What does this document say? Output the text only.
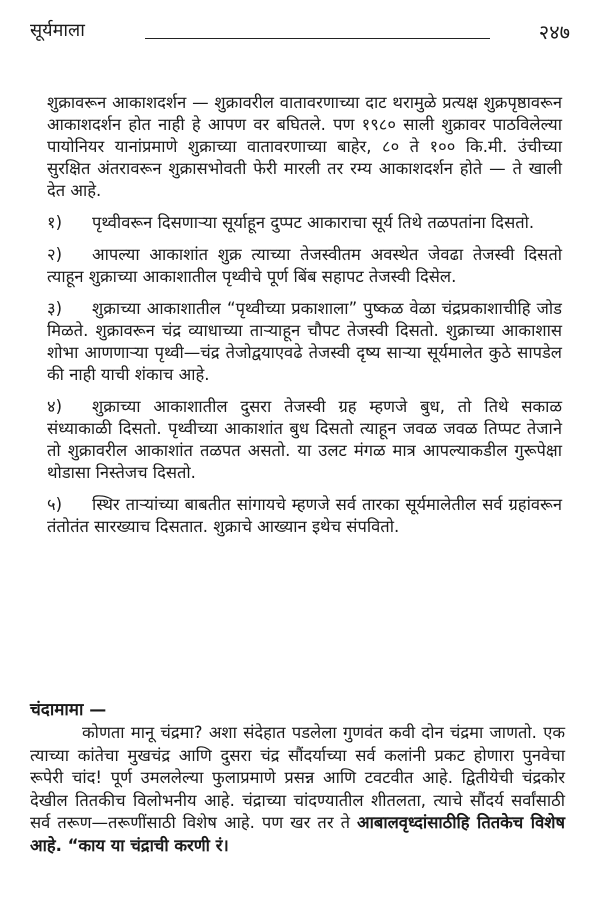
सूर्यमाला	२४७

शुक्रावरून आकाशदर्शन — शुक्रावरील वातावरणाच्या दाट थरामुळे प्रत्यक्ष शुक्रपृष्ठावरून आकाशदर्शन होत नाही हे आपण वर बघितले. पण १९८० साली शुक्रावर पाठविलेल्या पायोनियर यानांप्रमाणे शुक्राच्या वातावरणाच्या बाहेर, ८० ते १०० कि.मी. उंचीच्या सुरक्षित अंतरावरून शुक्रासभोवती फेरी मारली तर रम्य आकाशदर्शन होते — ते खाली देत आहे.

१) पृथ्वीवरून दिसणाऱ्या सूर्याहून दुप्पट आकाराचा सूर्य तिथे तळपतांना दिसतो.

२) आपल्या आकाशांत शुक्र त्याच्या तेजस्वीतम अवस्थेत जेवढा तेजस्वी दिसतो त्याहून शुक्राच्या आकाशातील पृथ्वीचे पूर्ण बिंब सहापट तेजस्वी दिसेल.

३) शुक्राच्या आकाशातील “पृथ्वीच्या प्रकाशाला” पुष्कळ वेळा चंद्रप्रकाशाचीहि जोड मिळते. शुक्रावरून चंद्र व्याधाच्या ताऱ्याहून चौपट तेजस्वी दिसतो. शुक्राच्या आकाशास शोभा आणणाऱ्या पृथ्वी—चंद्र तेजोद्वयाएवढे तेजस्वी दृष्य साऱ्या सूर्यमालेत कुठे सापडेल की नाही याची शंकाच आहे.

४) शुक्राच्या आकाशातील दुसरा तेजस्वी ग्रह म्हणजे बुध, तो तिथे सकाळ संध्याकाळी दिसतो. पृथ्वीच्या आकाशांत बुध दिसतो त्याहून जवळ जवळ तिप्पट तेजाने तो शुक्रावरील आकाशांत तळपत असतो. या उलट मंगळ मात्र आपल्याकडील गुरूपेक्षा थोडासा निस्तेजच दिसतो.

५) स्थिर ताऱ्यांच्या बाबतीत सांगायचे म्हणजे सर्व तारका सूर्यमालेतील सर्व ग्रहांवरून तंतोतंत सारख्याच दिसतात. शुक्राचे आख्यान इथेच संपवितो.

चंदामामा —
कोणता मानू चंद्रमा? अशा संदेहात पडलेला गुणवंत कवी दोन चंद्रमा जाणतो. एक त्याच्या कांतेचा मुखचंद्र आणि दुसरा चंद्र सौंदर्याच्या सर्व कलांनी प्रकट होणारा पुनवेचा रूपेरी चांद! पूर्ण उमललेल्या फुलाप्रमाणे प्रसन्न आणि टवटवीत आहे. द्वितीयेची चंद्रकोर देखील तितकीच विलोभनीय आहे. चंद्राच्या चांदण्यातील शीतलता, त्याचे सौंदर्य सर्वांसाठी सर्व तरूण—तरूणींसाठी विशेष आहे. पण खर तर ते आबालवृध्दांसाठीहि तितकेच विशेष आहे. “काय या चंद्राची करणी रं।
